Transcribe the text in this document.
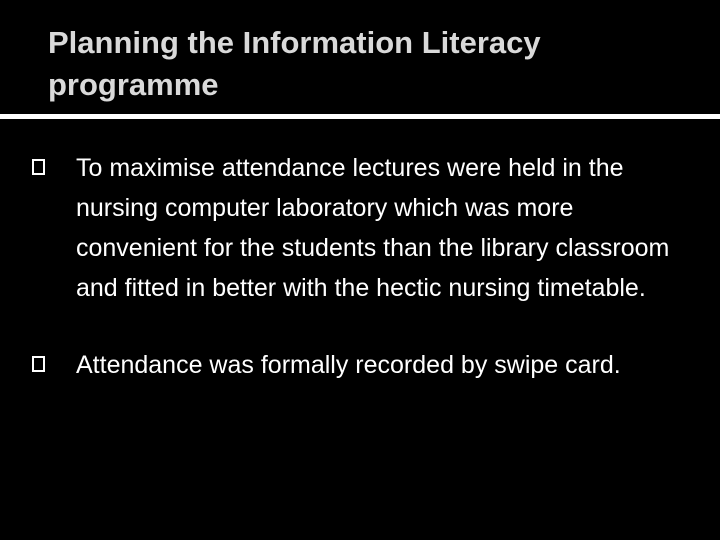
Planning the Information Literacy programme
To maximise attendance lectures were held in the nursing computer laboratory which was more convenient for the students than the library classroom and fitted in better with the hectic nursing timetable.
Attendance was formally recorded by swipe card.
